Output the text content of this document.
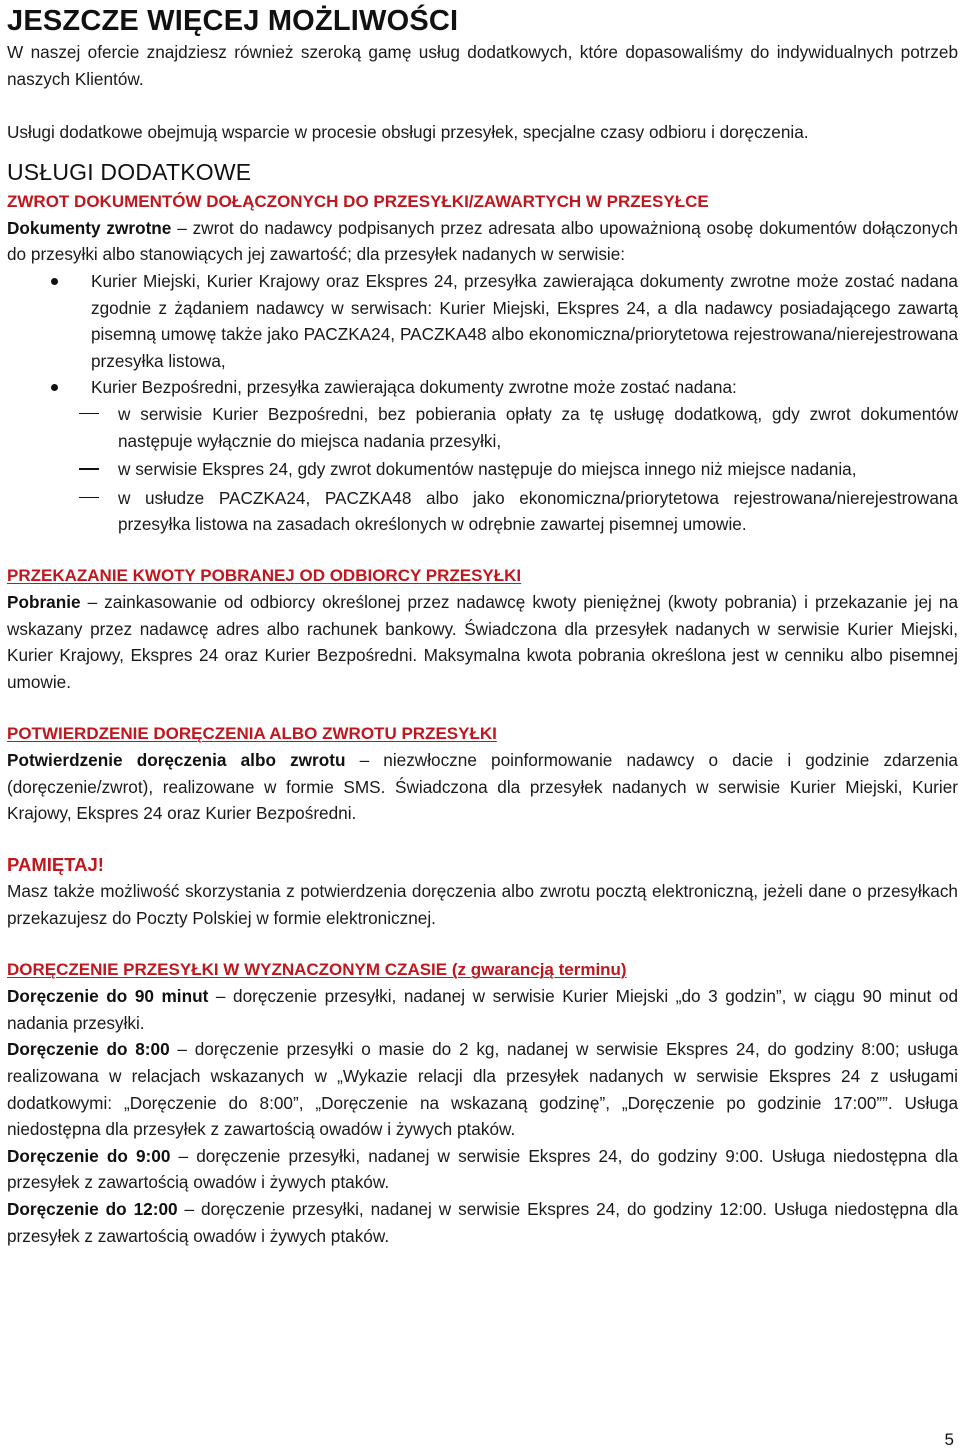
JESZCZE WIĘCEJ MOŻLIWOŚCI

W naszej ofercie znajdziesz również szeroką gamę usług dodatkowych, które dopasowaliśmy do indywidualnych potrzeb naszych Klientów.

Usługi dodatkowe obejmują wsparcie w procesie obsługi przesyłek, specjalne czasy odbioru i doręczenia.

USŁUGI DODATKOWE

ZWROT DOKUMENTÓW DOŁĄCZONYCH DO PRZESYŁKI/ZAWARTYCH W PRZESYŁCE

Dokumenty zwrotne – zwrot do nadawcy podpisanych przez adresata albo upoważnioną osobę dokumentów dołączonych do przesyłki albo stanowiących jej zawartość; dla przesyłek nadanych w serwisie:

Kurier Miejski, Kurier Krajowy oraz Ekspres 24, przesyłka zawierająca dokumenty zwrotne może zostać nadana zgodnie z żądaniem nadawcy w serwisach: Kurier Miejski, Ekspres 24, a dla nadawcy posiadającego zawartą pisemną umowę także jako PACZKA24, PACZKA48 albo ekonomiczna/priorytetowa rejestrowana/nierejestrowana przesyłka listowa,
Kurier Bezpośredni, przesyłka zawierająca dokumenty zwrotne może zostać nadana:
w serwisie Kurier Bezpośredni, bez pobierania opłaty za tę usługę dodatkową, gdy zwrot dokumentów następuje wyłącznie do miejsca nadania przesyłki,
w serwisie Ekspres 24, gdy zwrot dokumentów następuje do miejsca innego niż miejsce nadania,
w usłudze PACZKA24, PACZKA48 albo jako ekonomiczna/priorytetowa rejestrowana/nierejestrowana przesyłka listowa na zasadach określonych w odrębnie zawartej pisemnej umowie.

PRZEKAZANIE KWOTY POBRANEJ OD ODBIORCY PRZESYŁKI

Pobranie – zainkasowanie od odbiorcy określonej przez nadawcę kwoty pieniężnej (kwoty pobrania) i przekazanie jej na wskazany przez nadawcę adres albo rachunek bankowy. Świadczona dla przesyłek nadanych w serwisie Kurier Miejski, Kurier Krajowy, Ekspres 24 oraz Kurier Bezpośredni. Maksymalna kwota pobrania określona jest w cenniku albo pisemnej umowie.

POTWIERDZENIE DORĘCZENIA ALBO ZWROTU PRZESYŁKI

Potwierdzenie doręczenia albo zwrotu – niezwłoczne poinformowanie nadawcy o dacie i godzinie zdarzenia (doręczenie/zwrot), realizowane w formie SMS. Świadczona dla przesyłek nadanych w serwisie Kurier Miejski, Kurier Krajowy, Ekspres 24 oraz Kurier Bezpośredni.

PAMIĘTAJ!

Masz także możliwość skorzystania z potwierdzenia doręczenia albo zwrotu pocztą elektroniczną, jeżeli dane o przesyłkach przekazujesz do Poczty Polskiej w formie elektronicznej.

DORĘCZENIE PRZESYŁKI W WYZNACZONYM CZASIE (z gwarancją terminu)

Doręczenie do 90 minut – doręczenie przesyłki, nadanej w serwisie Kurier Miejski „do 3 godzin”, w ciągu 90 minut od nadania przesyłki.

Doręczenie do 8:00 – doręczenie przesyłki o masie do 2 kg, nadanej w serwisie Ekspres 24, do godziny 8:00; usługa realizowana w relacjach wskazanych w „Wykazie relacji dla przesyłek nadanych w serwisie Ekspres 24 z usługami dodatkowymi: „Doręczenie do 8:00”, „Doręczenie na wskazaną godzinę”, „Doręczenie po godzinie 17:00””. Usługa niedostępna dla przesyłek z zawartością owadów i żywych ptaków.

Doręczenie do 9:00 – doręczenie przesyłki, nadanej w serwisie Ekspres 24, do godziny 9:00. Usługa niedostępna dla przesyłek z zawartością owadów i żywych ptaków.

Doręczenie do 12:00 – doręczenie przesyłki, nadanej w serwisie Ekspres 24, do godziny 12:00. Usługa niedostępna dla przesyłek z zawartością owadów i żywych ptaków.

5
